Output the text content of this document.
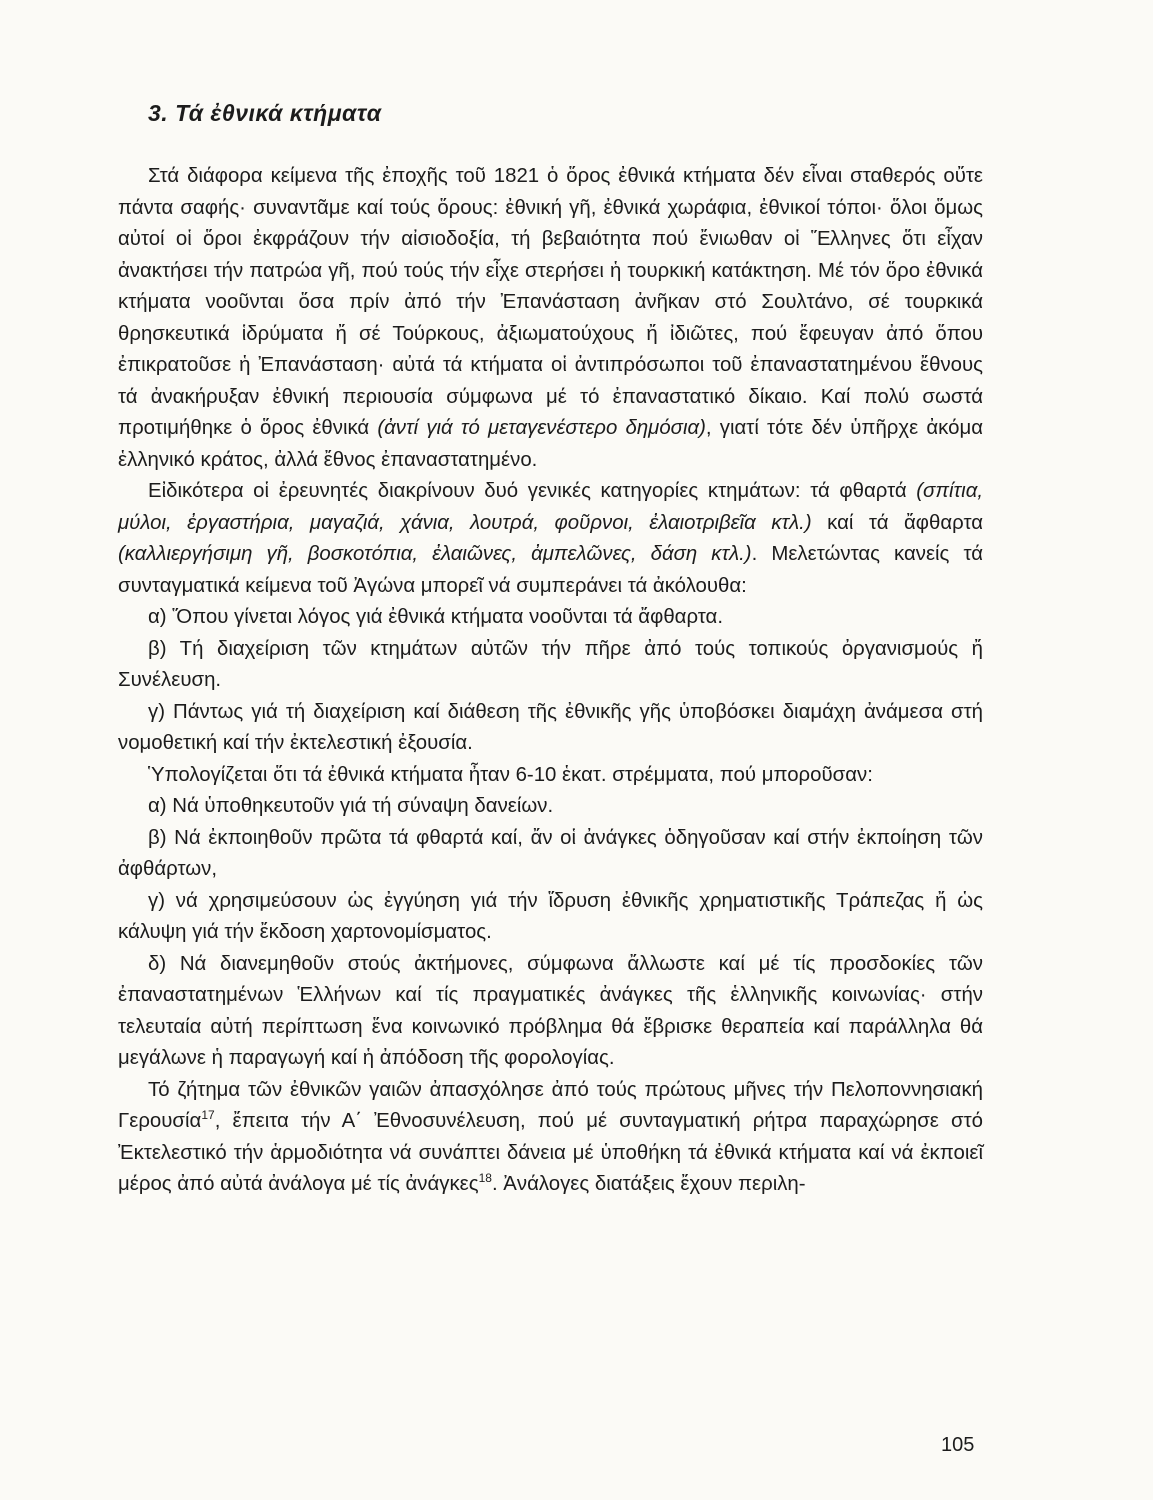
3. Τά ἐθνικά κτήματα

Στά διάφορα κείμενα τῆς ἐποχῆς τοῦ 1821 ὁ ὅρος ἐθνικά κτήματα δέν εἶναι σταθερός οὔτε πάντα σαφής· συναντᾶμε καί τούς ὅρους: ἐθνική γῆ, ἐθνικά χωράφια, ἐθνικοί τόποι· ὅλοι ὅμως αὐτοί οἱ ὅροι ἐκφράζουν τήν αἰσιοδοξία, τή βεβαιότητα πού ἔνιωθαν οἱ Ἕλληνες ὅτι εἶχαν ἀνακτήσει τήν πατρώα γῆ, πού τούς τήν εἶχε στερήσει ἡ τουρκική κατάκτηση. Μέ τόν ὅρο ἐθνικά κτήματα νοοῦνται ὅσα πρίν ἀπό τήν Ἐπανάσταση ἀνῆκαν στό Σουλτάνο, σέ τουρκικά θρησκευτικά ἱδρύματα ἤ σέ Τούρκους, ἀξιωματούχους ἤ ἰδιῶτες, πού ἔφευγαν ἀπό ὅπου ἐπικρατοῦσε ἡ Ἐπανάσταση· αὐτά τά κτήματα οἱ ἀντιπρόσωποι τοῦ ἐπαναστατημένου ἔθνους τά ἀνακήρυξαν ἐθνική περιουσία σύμφωνα μέ τό ἐπαναστατικό δίκαιο. Καί πολύ σωστά προτιμήθηκε ὁ ὅρος ἐθνικά (ἀντί γιά τό μεταγενέστερο δημόσια), γιατί τότε δέν ὑπῆρχε ἀκόμα ἑλληνικό κράτος, ἀλλά ἔθνος ἐπαναστατημένο.

Εἰδικότερα οἱ ἐρευνητές διακρίνουν δυό γενικές κατηγορίες κτημάτων: τά φθαρτά (σπίτια, μύλοι, ἐργαστήρια, μαγαζιά, χάνια, λουτρά, φοῦρνοι, ἐλαιοτριβεῖα κτλ.) καί τά ἄφθαρτα (καλλιεργήσιμη γῆ, βοσκοτόπια, ἐλαιῶνες, ἀμπελῶνες, δάση κτλ.). Μελετώντας κανείς τά συνταγματικά κείμενα τοῦ Ἀγώνα μπορεῖ νά συμπεράνει τά ἀκόλουθα:

α) Ὅπου γίνεται λόγος γιά ἐθνικά κτήματα νοοῦνται τά ἄφθαρτα.

β) Τή διαχείριση τῶν κτημάτων αὐτῶν τήν πῆρε ἀπό τούς τοπικούς ὀργανισμούς ἤ Συνέλευση.

γ) Πάντως γιά τή διαχείριση καί διάθεση τῆς ἐθνικῆς γῆς ὑποβόσκει διαμάχη ἀνάμεσα στή νομοθετική καί τήν ἐκτελεστική ἐξουσία.

Ὑπολογίζεται ὅτι τά ἐθνικά κτήματα ἦταν 6-10 ἑκατ. στρέμματα, πού μποροῦσαν:

α) Νά ὑποθηκευτοῦν γιά τή σύναψη δανείων.

β) Νά ἐκποιηθοῦν πρῶτα τά φθαρτά καί, ἄν οἱ ἀνάγκες ὁδηγοῦσαν καί στήν ἐκποίηση τῶν ἀφθάρτων,

γ) νά χρησιμεύσουν ὡς ἐγγύηση γιά τήν ἵδρυση ἐθνικῆς χρηματιστικῆς Τράπεζας ἤ ὡς κάλυψη γιά τήν ἔκδοση χαρτονομίσματος.

δ) Νά διανεμηθοῦν στούς ἀκτήμονες, σύμφωνα ἄλλωστε καί μέ τίς προσδοκίες τῶν ἐπαναστατημένων Ἑλλήνων καί τίς πραγματικές ἀνάγκες τῆς ἑλληνικῆς κοινωνίας· στήν τελευταία αὐτή περίπτωση ἕνα κοινωνικό πρόβλημα θά ἔβρισκε θεραπεία καί παράλληλα θά μεγάλωνε ἡ παραγωγή καί ἡ ἀπόδοση τῆς φορολογίας.

Τό ζήτημα τῶν ἐθνικῶν γαιῶν ἀπασχόλησε ἀπό τούς πρώτους μῆνες τήν Πελοποννησιακή Γερουσία$^{17}$, ἔπειτα τήν Α΄ Ἐθνοσυνέλευση, πού μέ συνταγματική ρήτρα παραχώρησε στό Ἐκτελεστικό τήν ἁρμοδιότητα νά συνάπτει δάνεια μέ ὑποθήκη τά ἐθνικά κτήματα καί νά ἐκποιεῖ μέρος ἀπό αὐτά ἀνάλογα μέ τίς ἀνάγκες$^{18}$. Ἀνάλογες διατάξεις ἔχουν περιλη-

105
